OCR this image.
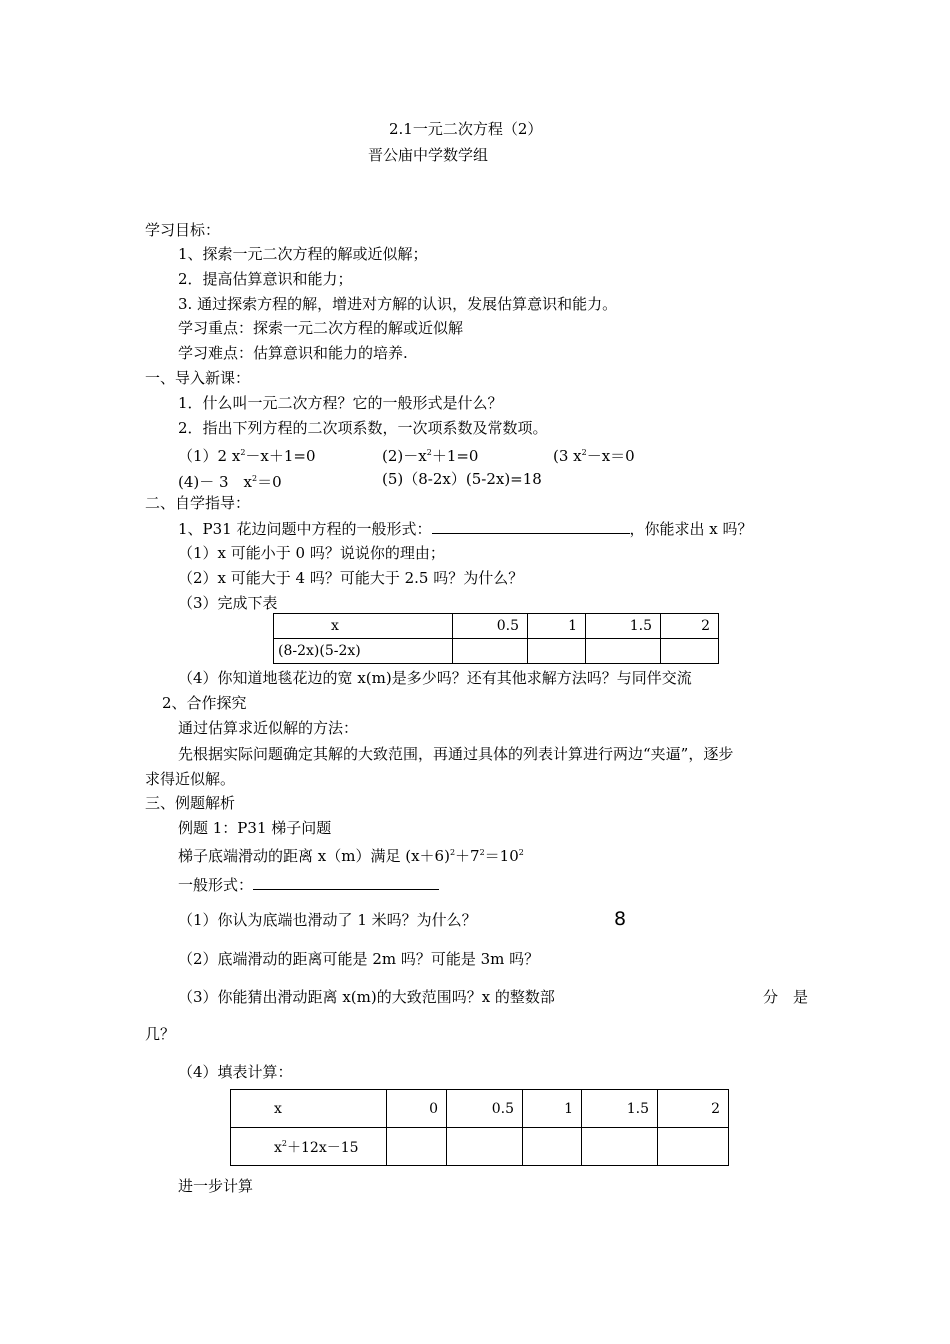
2.1一元二次方程（2）
晋公庙中学数学组
学习目标：
1、探索一元二次方程的解或近似解；
2．提高估算意识和能力；
3. 通过探索方程的解，增进对方解的认识，发展估算意识和能力。
学习重点：探索一元二次方程的解或近似解
学习难点：估算意识和能力的培养.
一、导入新课：
1．什么叫一元二次方程？它的一般形式是什么？
2．指出下列方程的二次项系数，一次项系数及常数项。
（1）2 $x^2-x+1=0$	$(2)-x^2+1=0$	(3 $x^2-x=0$
(4)－ 3　$x^2=0$	(5)（8-2x）(5-2x)=18
二、自学指导：
1、P31 花边问题中方程的一般形式：	，你能求出 x 吗？
（1）x 可能小于 0 吗？说说你的理由；
（2）x 可能大于 4 吗？可能大于 2.5 吗？为什么？
（3）完成下表
x	0.5	1	1.5	2
(8-2x)(5-2x)				
（4）你知道地毯花边的宽 x(m)是多少吗？还有其他求解方法吗？与同伴交流
2、合作探究
通过估算求近似解的方法：
先根据实际问题确定其解的大致范围，再通过具体的列表计算进行两边“夹逼”，逐步
求得近似解。
三、例题解析
例题 1：P31 梯子问题
梯子底端滑动的距离 x（m）满足 $(x+6)^2+7^2=10^2$
一般形式：
（1）你认为底端也滑动了 1 米吗？为什么？	8
（2）底端滑动的距离可能是 2m 吗？可能是 3m 吗？
（3）你能猜出滑动距离 x(m)的大致范围吗？x 的整数部	分　是
几？
（4）填表计算：
x	0	0.5	1	1.5	2
$x^2+12x-15$					
进一步计算
